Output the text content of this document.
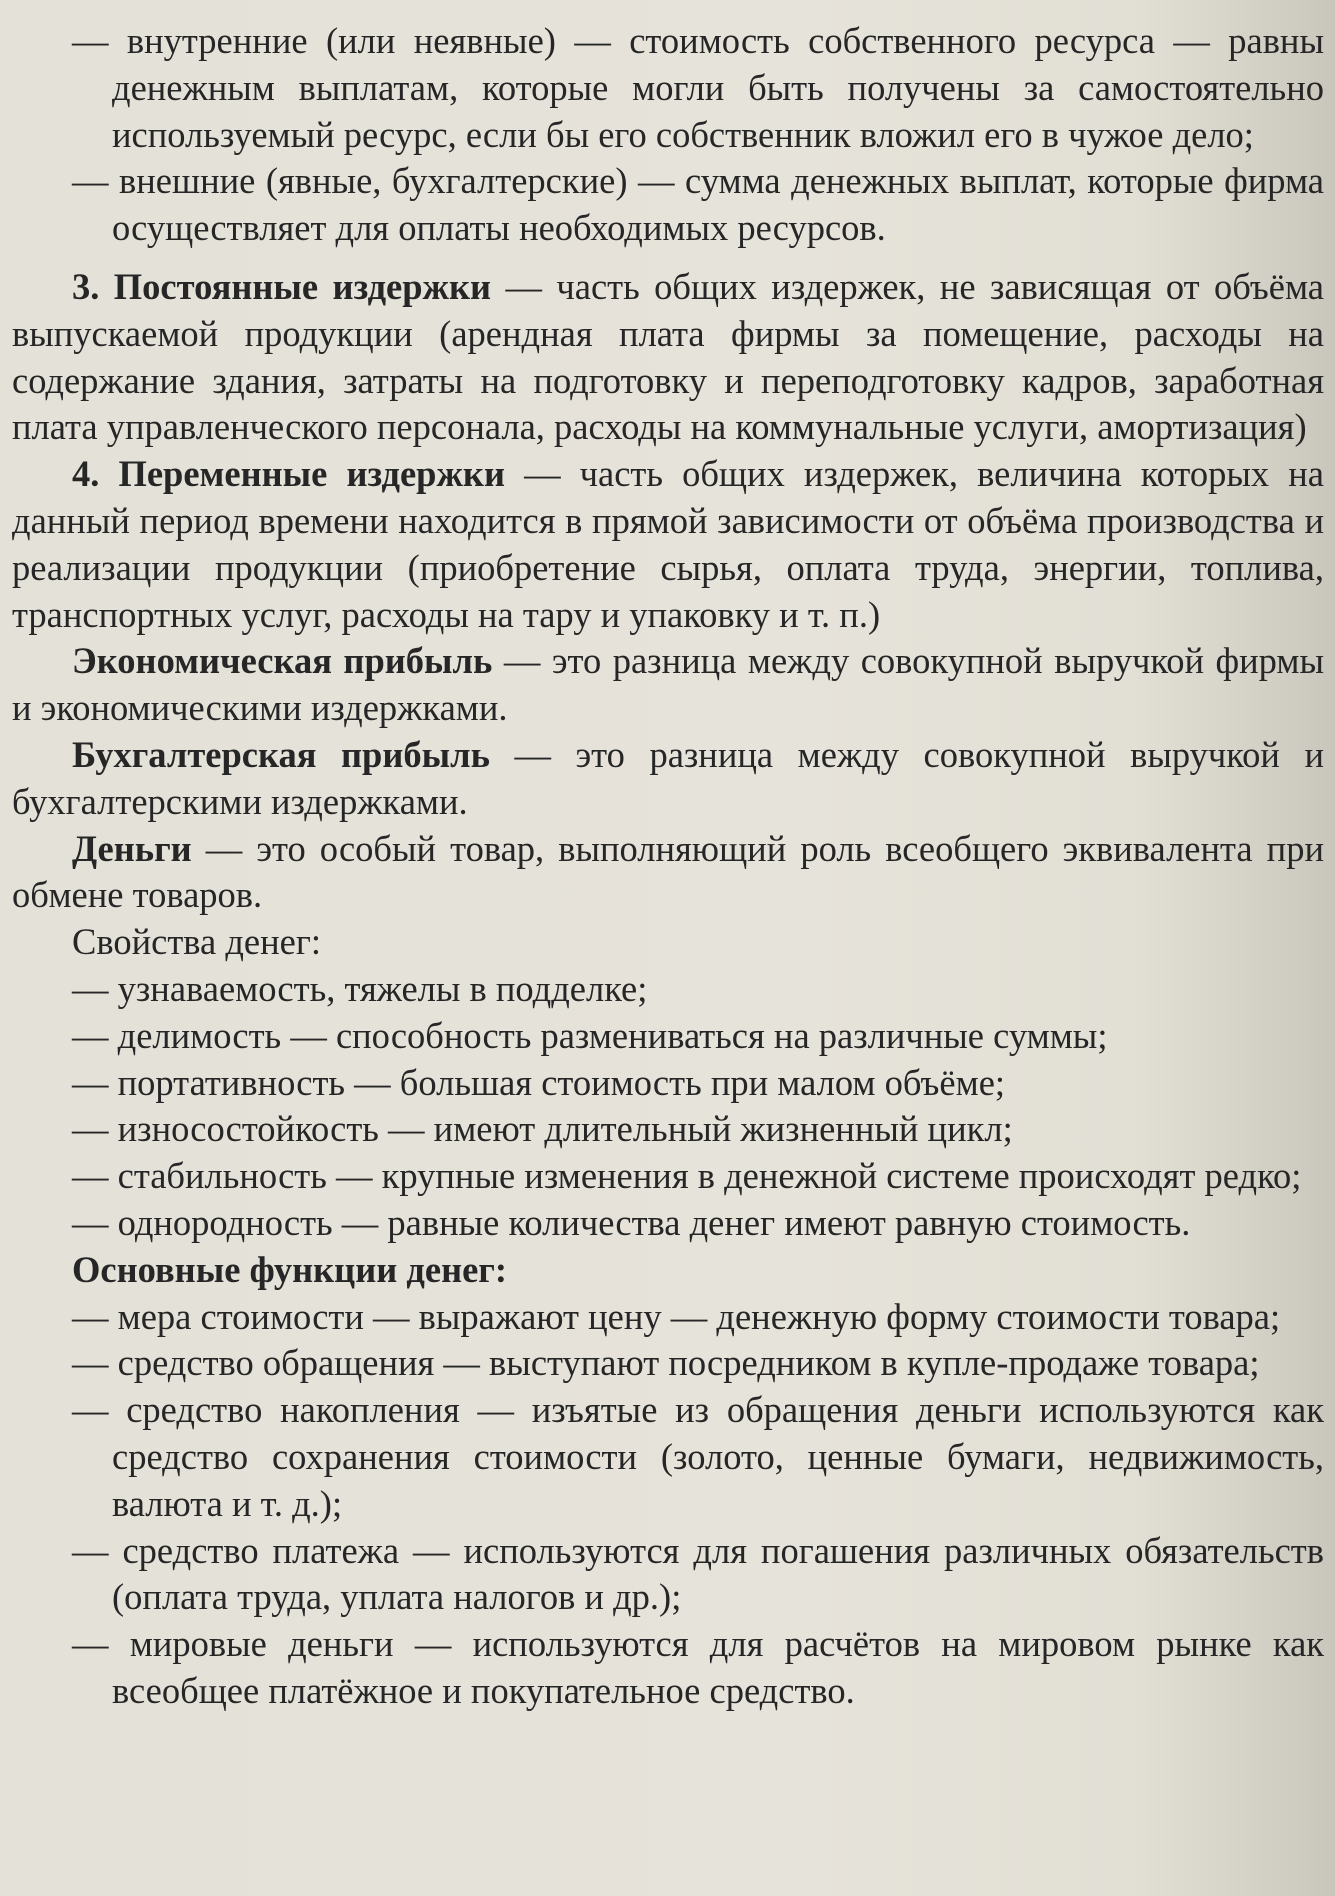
— внутренние (или неявные) — стоимость собственного ресурса — равны денежным выплатам, которые могли быть получены за самостоятельно используемый ресурс, если бы его собственник вложил его в чужое дело;

— внешние (явные, бухгалтерские) — сумма денежных выплат, которые фирма осуществляет для оплаты необходимых ресурсов.

3. Постоянные издержки — часть общих издержек, не зависящая от объёма выпускаемой продукции (арендная плата фирмы за помещение, расходы на содержание здания, затраты на подготовку и переподготовку кадров, заработная плата управленческого персонала, расходы на коммунальные услуги, амортизация)

4. Переменные издержки — часть общих издержек, величина которых на данный период времени находится в прямой зависимости от объёма производства и реализации продукции (приобретение сырья, оплата труда, энергии, топлива, транспортных услуг, расходы на тару и упаковку и т. п.)

Экономическая прибыль — это разница между совокупной выручкой фирмы и экономическими издержками.

Бухгалтерская прибыль — это разница между совокупной выручкой и бухгалтерскими издержками.

Деньги — это особый товар, выполняющий роль всеобщего эквивалента при обмене товаров.

Свойства денег:

— узнаваемость, тяжелы в подделке;

— делимость — способность размениваться на различные суммы;

— портативность — большая стоимость при малом объёме;

— износостойкость — имеют длительный жизненный цикл;

— стабильность — крупные изменения в денежной системе происходят редко;

— однородность — равные количества денег имеют равную стоимость.

Основные функции денег:

— мера стоимости — выражают цену — денежную форму стоимости товара;

— средство обращения — выступают посредником в купле-продаже товара;

— средство накопления — изъятые из обращения деньги используются как средство сохранения стоимости (золото, ценные бумаги, недвижимость, валюта и т. д.);

— средство платежа — используются для погашения различных обязательств (оплата труда, уплата налогов и др.);

— мировые деньги — используются для расчётов на мировом рынке как всеобщее платёжное и покупательное средство.
